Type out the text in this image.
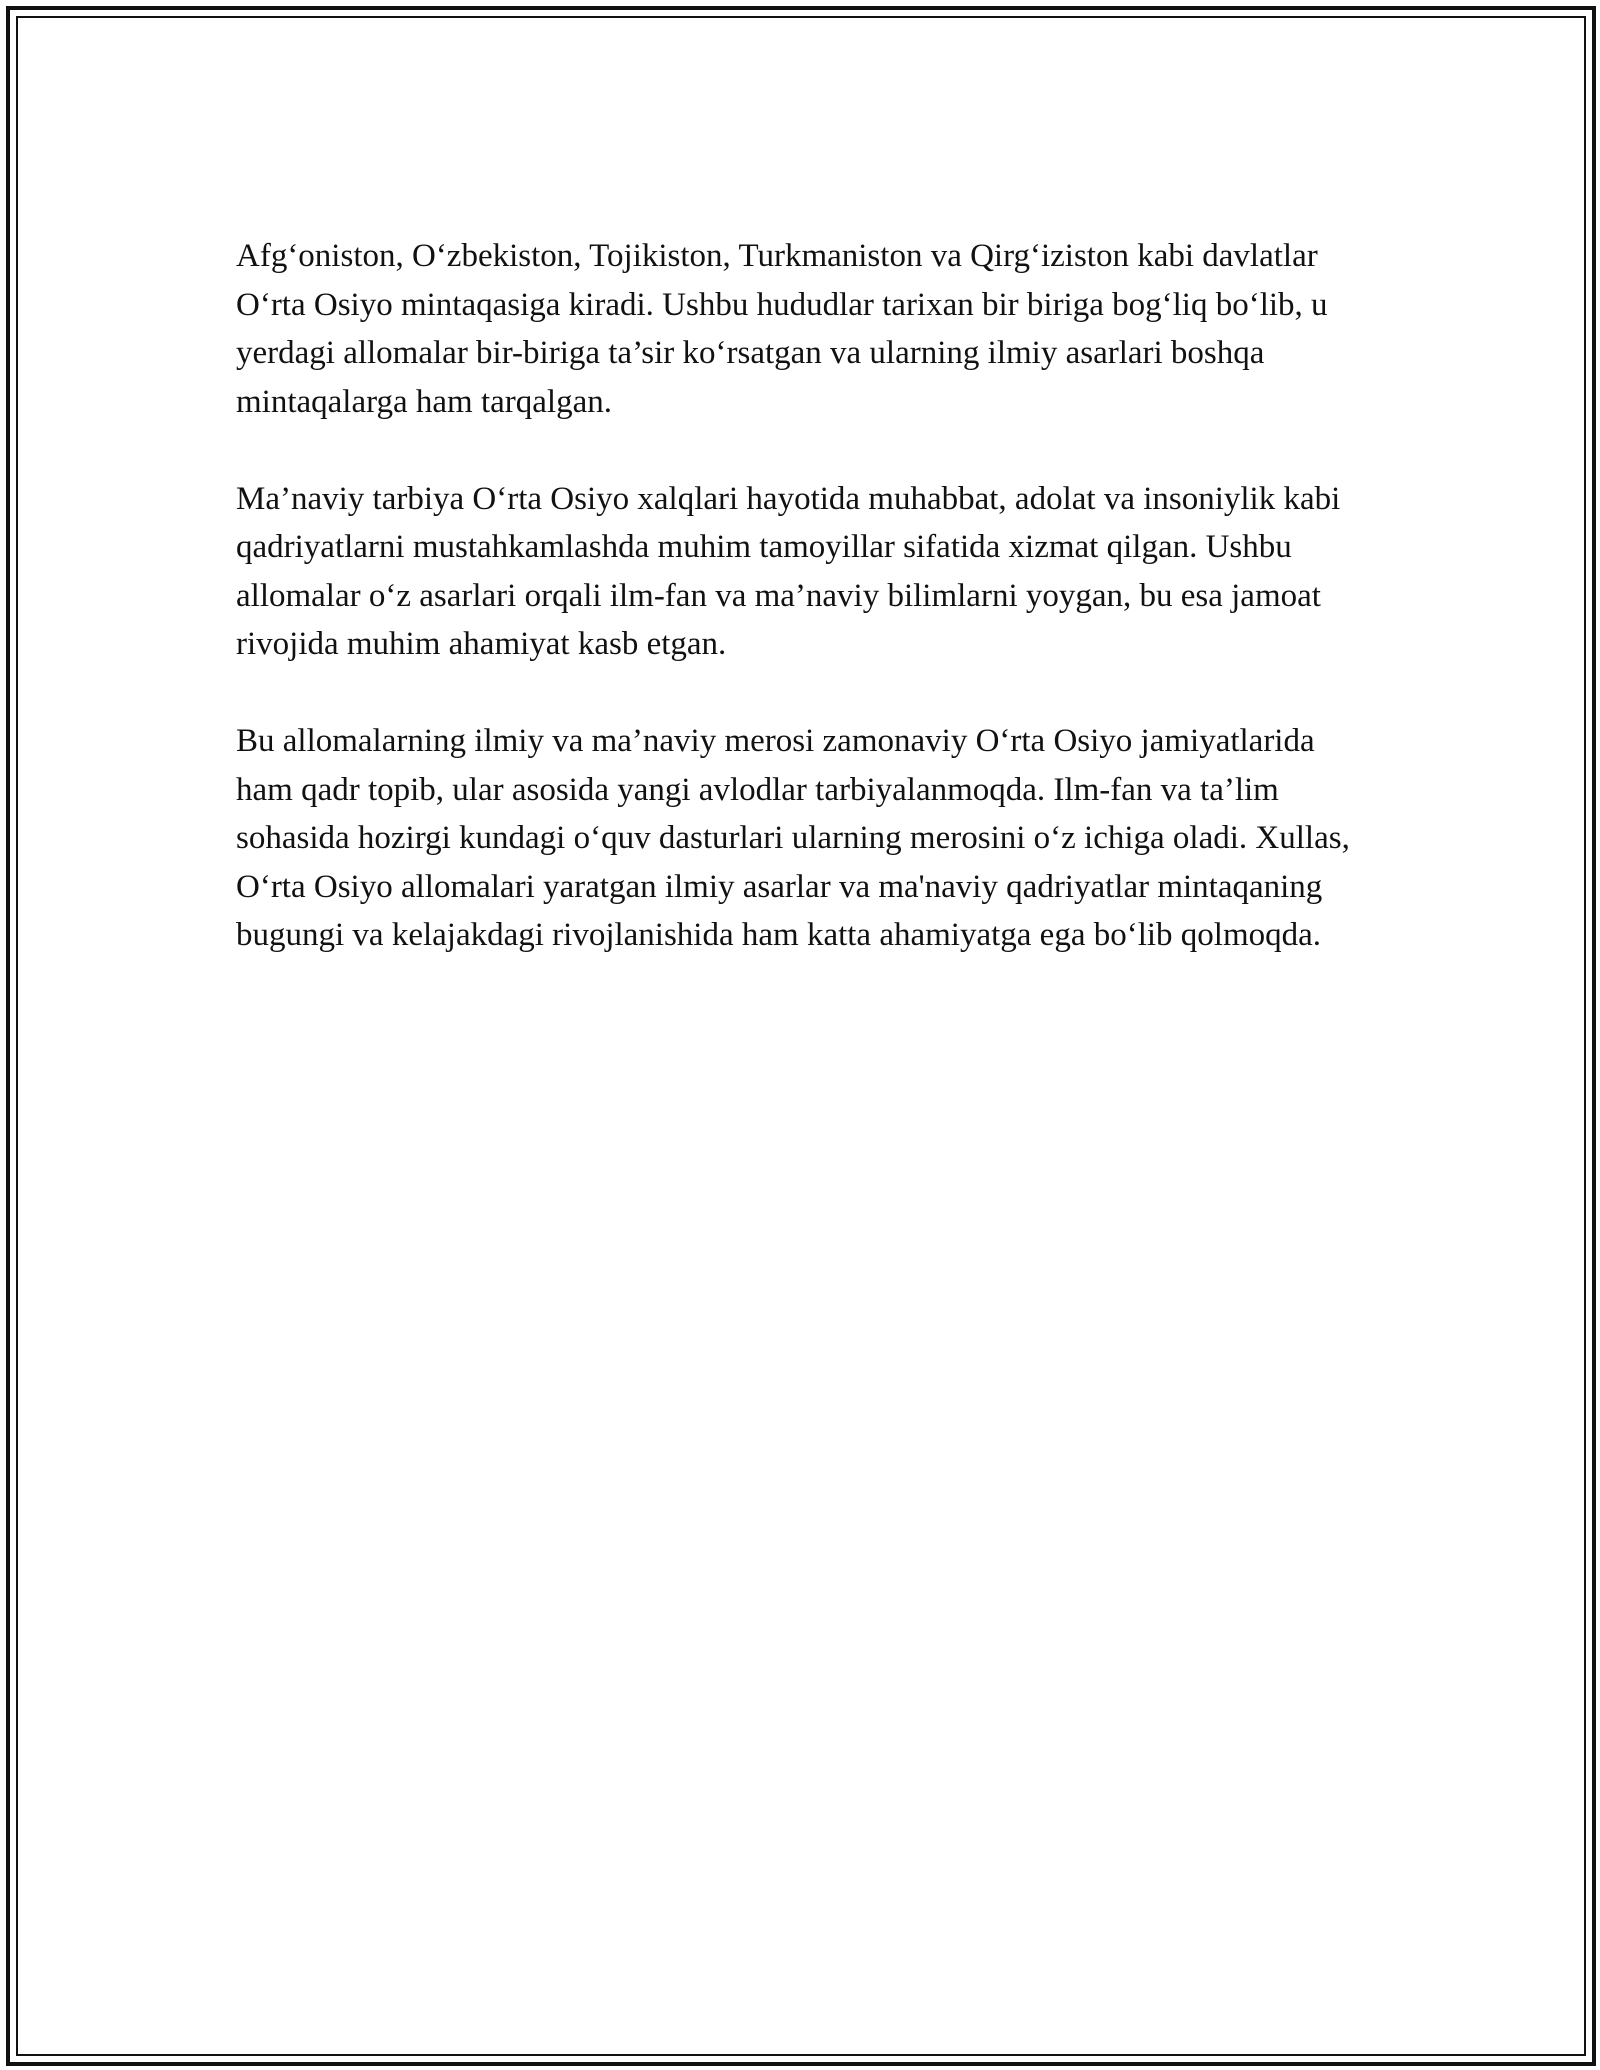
Afg‘oniston, O‘zbekiston, Tojikiston, Turkmaniston va Qirg‘iziston kabi davlatlar O‘rta Osiyo mintaqasiga kiradi. Ushbu hududlar tarixan bir biriga bog‘liq bo‘lib, u yerdagi allomalar bir-biriga ta’sir ko‘rsatgan va ularning ilmiy asarlari boshqa mintaqalarga ham tarqalgan.

Ma’naviy tarbiya O‘rta Osiyo xalqlari hayotida muhabbat, adolat va insoniylik kabi qadriyatlarni mustahkamlashda muhim tamoyillar sifatida xizmat qilgan. Ushbu allomalar o‘z asarlari orqali ilm-fan va ma’naviy bilimlarni yoygan, bu esa jamoat rivojida muhim ahamiyat kasb etgan.

Bu allomalarning ilmiy va ma’naviy merosi zamonaviy O‘rta Osiyo jamiyatlarida ham qadr topib, ular asosida yangi avlodlar tarbiyalanmoqda. Ilm-fan va ta’lim sohasida hozirgi kundagi o‘quv dasturlari ularning merosini o‘z ichiga oladi. Xullas, O‘rta Osiyo allomalari yaratgan ilmiy asarlar va ma'naviy qadriyatlar mintaqaning bugungi va kelajakdagi rivojlanishida ham katta ahamiyatga ega bo‘lib qolmoqda.
